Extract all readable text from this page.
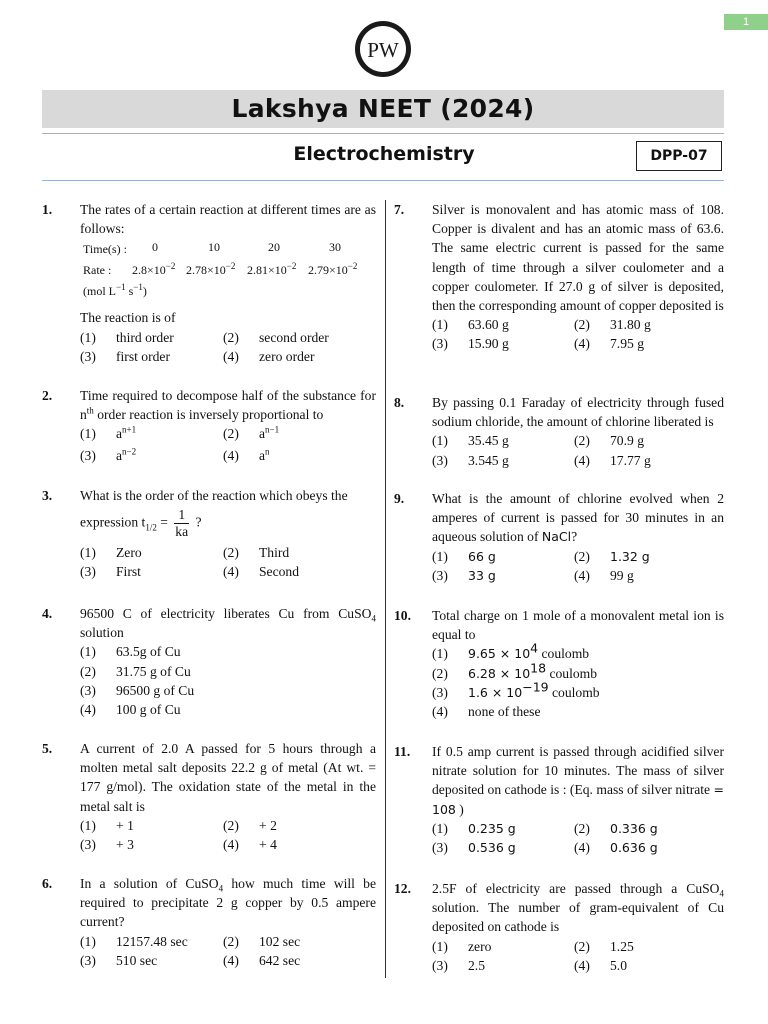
1
PW
Lakshya NEET (2024)
Electrochemistry	DPP-07
1. The rates of a certain reaction at different times are as follows:
Time(s) : 0	10	20	30
Rate : $2.8\times 10^{-2}$ $2.78\times 10^{-2}$ $2.81\times 10^{-2}$ $2.79\times 10^{-2}$
(mol $L^{-1}$ $s^{-1}$)
The reaction is of
(1) third order	(2) second order
(3) first order	(4) zero order
2. Time required to decompose half of the substance for $n^{th}$ order reaction is inversely proportional to
(1) $a^{n+1}$	(2) $a^{n-1}$
(3) $a^{n-2}$	(4) $a^n$
3. What is the order of the reaction which obeys the
expression $t_{1/2} = \frac{1}{ka}$ ?
(1) Zero	(2) Third
(3) First	(4) Second
4. 96500 C of electricity liberates Cu from CuSO$_4$ solution
(1) 63.5g of Cu
(2) 31.75 g of Cu
(3) 96500 g of Cu
(4) 100 g of Cu
5. A current of 2.0 A passed for 5 hours through a molten metal salt deposits 22.2 g of metal (At wt. = 177 g/mol). The oxidation state of the metal in the metal salt is
(1) + 1	(2) + 2
(3) + 3	(4) + 4
6. In a solution of CuSO$_4$ how much time will be required to precipitate 2 g copper by 0.5 ampere current?
(1) 12157.48 sec	(2) 102 sec
(3) 510 sec	(4) 642 sec
7. Silver is monovalent and has atomic mass of 108. Copper is divalent and has an atomic mass of 63.6. The same electric current is passed for the same length of time through a silver coulometer and a copper coulometer. If 27.0 g of silver is deposited, then the corresponding amount of copper deposited is
(1) 63.60 g	(2) 31.80 g
(3) 15.90 g	(4) 7.95 g
8. By passing 0.1 Faraday of electricity through fused sodium chloride, the amount of chlorine liberated is
(1) 35.45 g	(2) 70.9 g
(3) 3.545 g	(4) 17.77 g
9. What is the amount of chlorine evolved when 2 amperes of current is passed for 30 minutes in an aqueous solution of NaCl?
(1) 66 g	(2) 1.32 g
(3) 33 g	(4) 99 g
10. Total charge on 1 mole of a monovalent metal ion is equal to
(1) $9.65 \times 10^4$ coulomb
(2) $6.28 \times 10^{18}$ coulomb
(3) $1.6 \times 10^{-19}$ coulomb
(4) none of these
11. If 0.5 amp current is passed through acidified silver nitrate solution for 10 minutes. The mass of silver deposited on cathode is : (Eq. mass of silver nitrate = 108 )
(1) 0.235 g	(2) 0.336 g
(3) 0.536 g	(4) 0.636 g
12. 2.5F of electricity are passed through a CuSO$_4$ solution. The number of gram-equivalent of Cu deposited on cathode is
(1) zero	(2) 1.25
(3) 2.5	(4) 5.0
